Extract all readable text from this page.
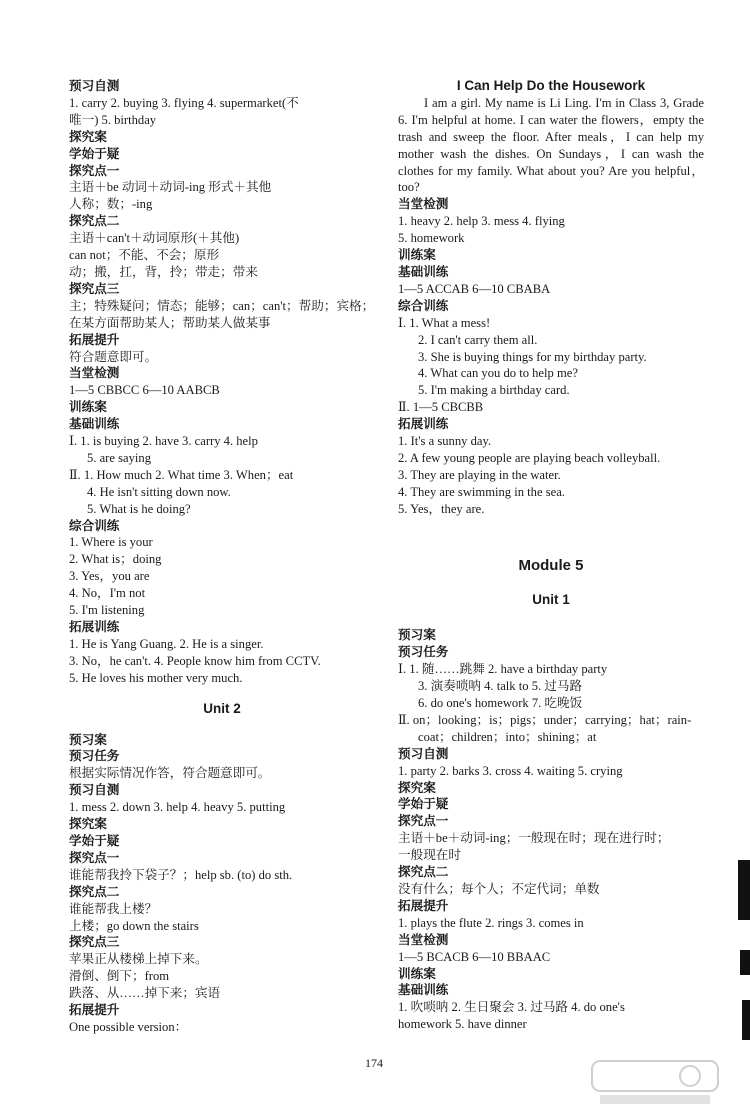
预习自测
1. carry 2. buying 3. flying 4. supermarket(不
唯一) 5. birthday
探究案
学始于疑
探究点一
主语＋be 动词＋动词-ing 形式＋其他
人称；数；-ing
探究点二
主语＋can't＋动词原形(＋其他)
can not；不能、不会；原形
动；搬，扛，背，拎；带走；带来
探究点三
主；特殊疑问；情态；能够；can；can't；帮助；宾格；
在某方面帮助某人；帮助某人做某事
拓展提升
符合题意即可。
当堂检测
1—5 CBBCC 6—10 AABCB
训练案
基础训练
Ⅰ. 1. is buying 2. have 3. carry 4. help
5. are saying
Ⅱ. 1. How much 2. What time 3. When；eat
4. He isn't sitting down now.
5. What is he doing?
综合训练
1. Where is your
2. What is；doing
3. Yes，you are
4. No，I'm not
5. I'm listening
拓展训练
1. He is Yang Guang. 2. He is a singer.
3. No，he can't. 4. People know him from CCTV.
5. He loves his mother very much.
Unit 2
预习案
预习任务
根据实际情况作答，符合题意即可。
预习自测
1. mess 2. down 3. help 4. heavy 5. putting
探究案
学始于疑
探究点一
谁能帮我拎下袋子？；help sb. (to) do sth.
探究点二
谁能帮我上楼？
上楼；go down the stairs
探究点三
苹果正从楼梯上掉下来。
滑倒、倒下；from
跌落、从……掉下来；宾语
拓展提升
One possible version：
I Can Help Do the Housework
I am a girl. My name is Li Ling. I'm in Class 3, Grade 6. I'm helpful at home. I can water the flowers，empty the trash and sweep the floor. After meals，I can help my mother wash the dishes. On Sundays，I can wash the clothes for my family. What about you? Are you helpful，too?
当堂检测
1. heavy 2. help 3. mess 4. flying
5. homework
训练案
基础训练
1—5 ACCAB 6—10 CBABA
综合训练
Ⅰ. 1. What a mess!
2. I can't carry them all.
3. She is buying things for my birthday party.
4. What can you do to help me?
5. I'm making a birthday card.
Ⅱ. 1—5 CBCBB
拓展训练
1. It's a sunny day.
2. A few young people are playing beach volleyball.
3. They are playing in the water.
4. They are swimming in the sea.
5. Yes，they are.
Module 5
Unit 1
预习案
预习任务
Ⅰ. 1. 随……跳舞 2. have a birthday party
3. 演奏唢呐 4. talk to 5. 过马路
6. do one's homework 7. 吃晚饭
Ⅱ. on；looking；is；pigs；under；carrying；hat；rain-
coat；children；into；shining；at
预习自测
1. party 2. barks 3. cross 4. waiting 5. crying
探究案
学始于疑
探究点一
主语＋be＋动词-ing；一般现在时；现在进行时；
一般现在时
探究点二
没有什么；每个人；不定代词；单数
拓展提升
1. plays the flute 2. rings 3. comes in
当堂检测
1—5 BCACB 6—10 BBAAC
训练案
基础训练
1. 吹唢呐 2. 生日聚会 3. 过马路 4. do one's
homework 5. have dinner
174
